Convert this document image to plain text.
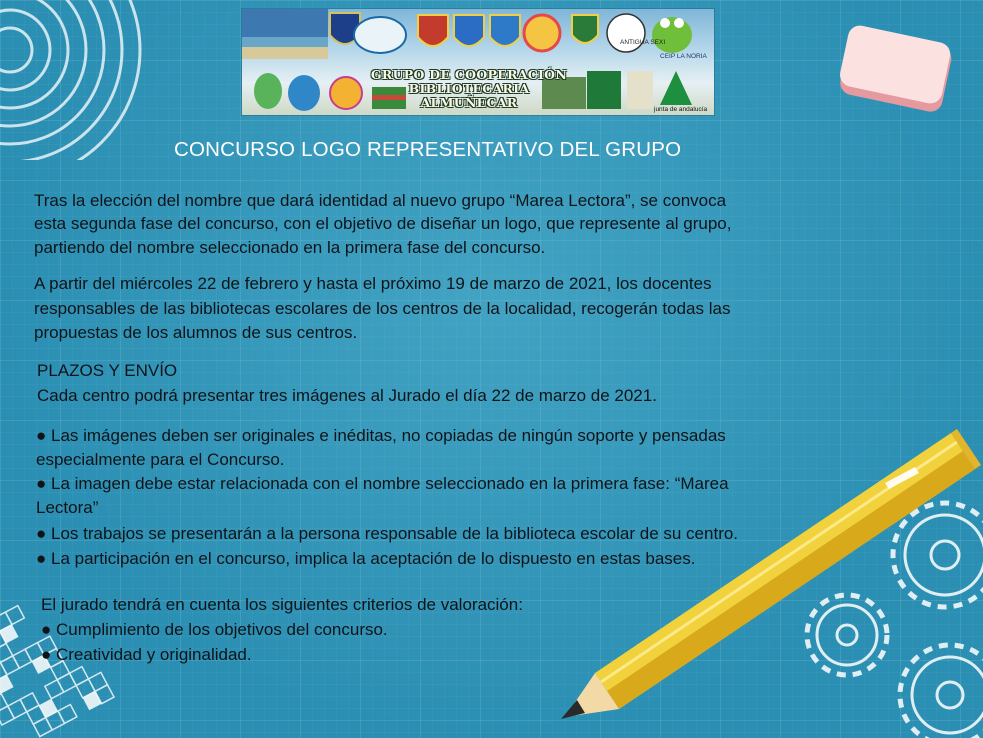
GRUPO DE COOPERACIÓN
BIBLIOTECARIA
ALMUÑECAR
ANTIGUA SEXI
CEIP LA NORIA
junta de andalucía
CONCURSO LOGO REPRESENTATIVO DEL GRUPO

Tras la elección del nombre que dará identidad al nuevo grupo “Marea Lectora”, se convoca

esta segunda fase del concurso, con el objetivo de diseñar un logo, que represente al grupo,

partiendo del nombre seleccionado en la primera fase del concurso.

A partir del miércoles 22 de febrero y hasta el próximo 19 de marzo de 2021, los docentes

responsables de las bibliotecas escolares de los centros de la localidad, recogerán todas las

propuestas de los alumnos de sus centros.

PLAZOS Y ENVÍO

Cada centro podrá presentar tres imágenes al Jurado el día 22 de marzo de 2021.

● Las imágenes deben ser originales e inéditas, no copiadas de ningún soporte y pensadas

especialmente para el Concurso.

● La imagen debe estar relacionada con el nombre seleccionado en la primera fase: “Marea

Lectora”

● Los trabajos se presentarán a la persona responsable de la biblioteca escolar de su centro.

● La participación en el concurso, implica la aceptación de lo dispuesto en estas bases.

El jurado tendrá en cuenta los siguientes criterios de valoración:

● Cumplimiento de los objetivos del concurso.

● Creatividad y originalidad.
